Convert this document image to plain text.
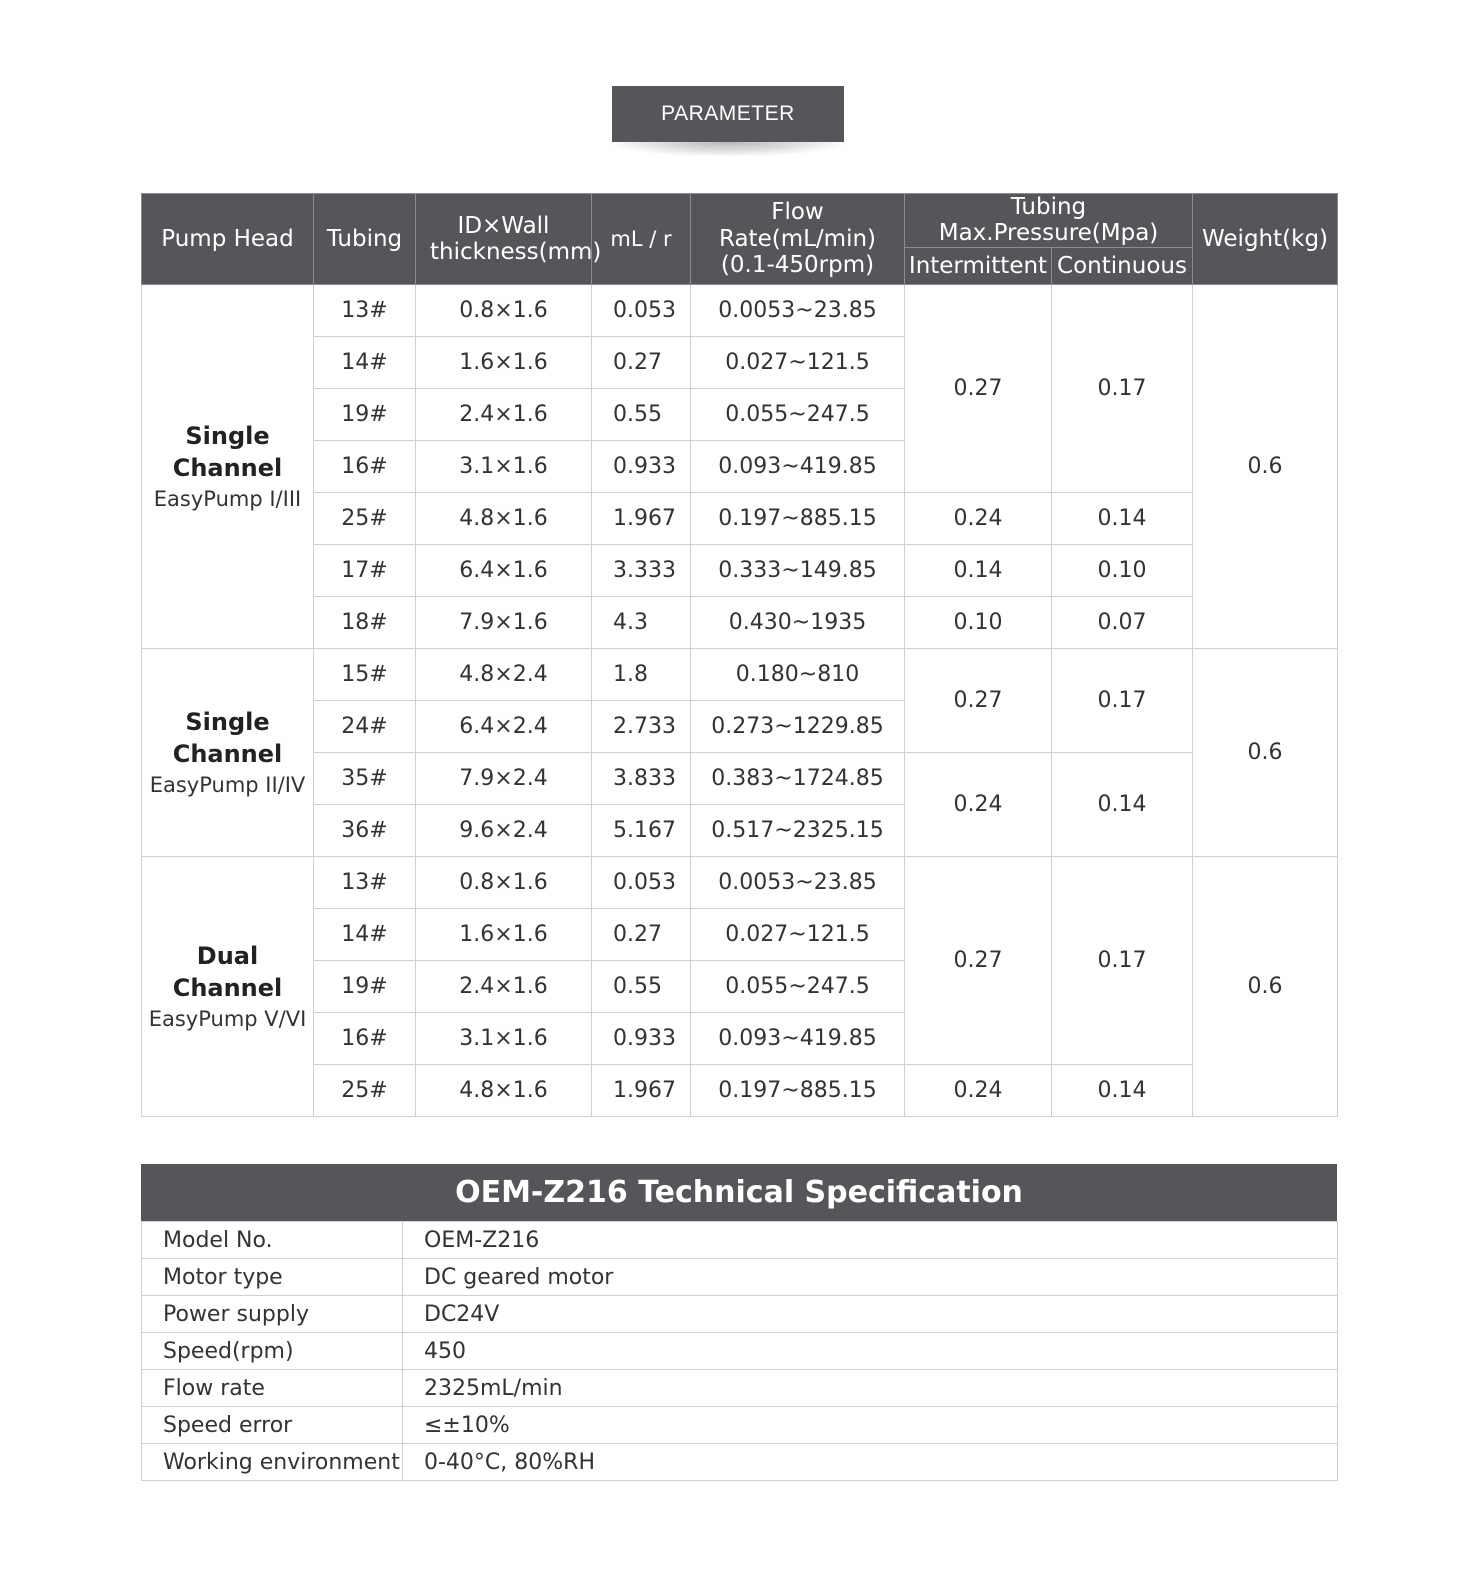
PARAMETER
Pump Head	Tubing	ID×Wall thickness(mm)	mL / r	Flow Rate(mL/min) (0.1-450rpm)	Tubing Max.Pressure(Mpa)		Weight(kg)
					Intermittent	Continuous	

Single Channel
EasyPump I/III	13#	0.8×1.6	0.053	0.0053~23.85	0.27	0.17	0.6
	14#	1.6×1.6	0.27	0.027~121.5			
	19#	2.4×1.6	0.55	0.055~247.5			
	16#	3.1×1.6	0.933	0.093~419.85			
	25#	4.8×1.6	1.967	0.197~885.15	0.24	0.14	
	17#	6.4×1.6	3.333	0.333~149.85	0.14	0.10	
	18#	7.9×1.6	4.3	0.430~1935	0.10	0.07	

Single Channel
EasyPump II/IV	15#	4.8×2.4	1.8	0.180~810	0.27	0.17	0.6
	24#	6.4×2.4	2.733	0.273~1229.85			
	35#	7.9×2.4	3.833	0.383~1724.85	0.24	0.14	
	36#	9.6×2.4	5.167	0.517~2325.15			

Dual Channel
EasyPump V/VI	13#	0.8×1.6	0.053	0.0053~23.85	0.27	0.17	0.6
	14#	1.6×1.6	0.27	0.027~121.5			
	19#	2.4×1.6	0.55	0.055~247.5			
	16#	3.1×1.6	0.933	0.093~419.85			
	25#	4.8×1.6	1.967	0.197~885.15	0.24	0.14	
OEM-Z216 Technical Specification
Model No.	OEM-Z216
Motor type	DC geared motor
Power supply	DC24V
Speed(rpm)	450
Flow rate	2325mL/min
Speed error	≤±10%
Working environment	0-40°C, 80%RH
